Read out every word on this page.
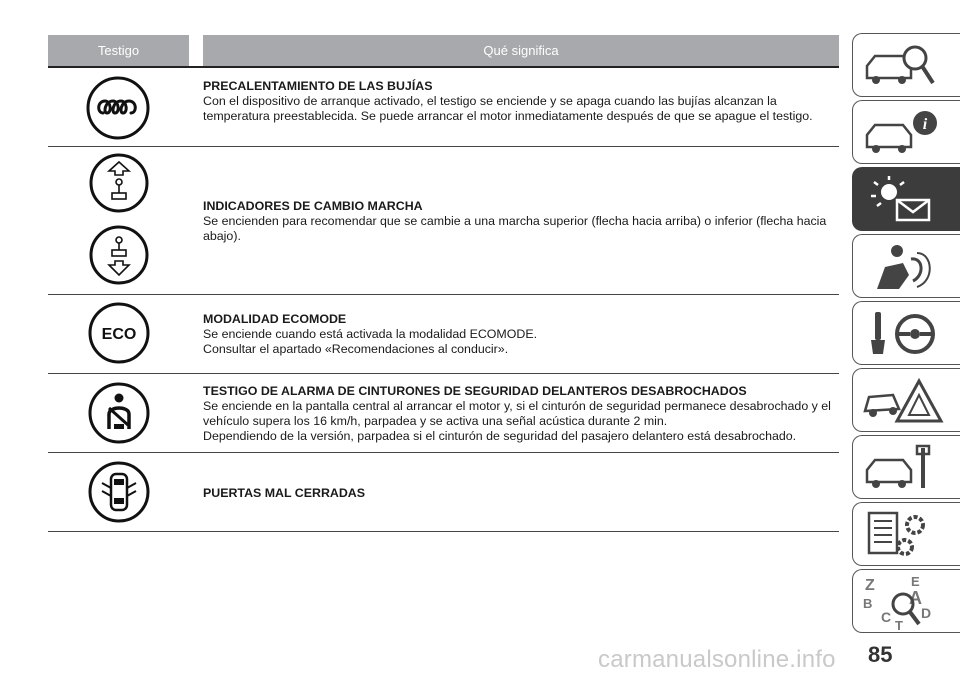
Testigo	Qué significa
PRECALENTAMIENTO DE LAS BUJÍAS
Con el dispositivo de arranque activado, el testigo se enciende y se apaga cuando las bujías alcanzan la
temperatura preestablecida. Se puede arrancar el motor inmediatamente después de que se apague el testigo.
INDICADORES DE CAMBIO MARCHA
Se encienden para recomendar que se cambie a una marcha superior (flecha hacia arriba) o inferior (flecha hacia
abajo).
ECO
MODALIDAD ECOMODE
Se enciende cuando está activada la modalidad ECOMODE.
Consultar el apartado «Recomendaciones al conducir».
TESTIGO DE ALARMA DE CINTURONES DE SEGURIDAD DELANTEROS DESABROCHADOS
Se enciende en la pantalla central al arrancar el motor y, si el cinturón de seguridad permanece desabrochado y el
vehículo supera los 16 km/h, parpadea y se activa una señal acústica durante 2 min.
Dependiendo de la versión, parpadea si el cinturón de seguridad del pasajero delantero está desabrochado.
PUERTAS MAL CERRADAS
i
Z	E
A
B
C D
T
85
carmanualsonline.info
